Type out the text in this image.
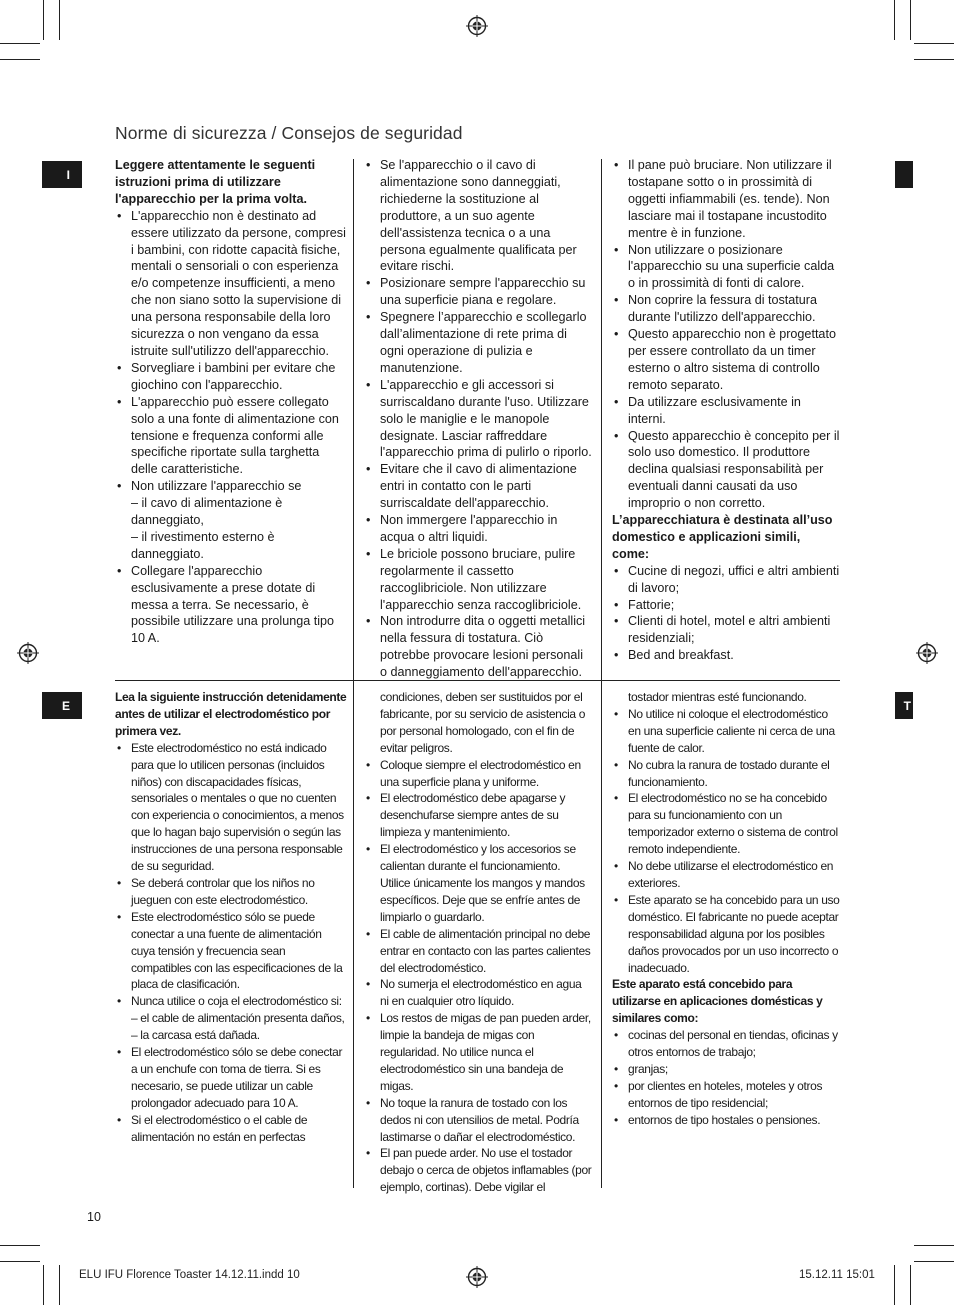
Norme di sicurezza / Consejos de seguridad
I
E	T

Leggere attentamente le seguenti istruzioni prima di utilizzare l'apparecchio per la prima volta.

• L'apparecchio non è destinato ad essere utilizzato da persone, compresi i bambini, con ridotte capacità fisiche, mentali o sensoriali o con esperienza e/o competenze insufficienti, a meno che non siano sotto la supervisione di una persona responsabile della loro sicurezza o non vengano da essa istruite sull'utilizzo dell'apparecchio.
• Sorvegliare i bambini per evitare che giochino con l'apparecchio.
• L'apparecchio può essere collegato solo a una fonte di alimentazione con tensione e frequenza conformi alle specifiche riportate sulla targhetta delle caratteristiche.
• Non utilizzare l'apparecchio se
– il cavo di alimentazione è danneggiato,
– il rivestimento esterno è danneggiato.
• Collegare l'apparecchio esclusivamente a prese dotate di messa a terra. Se necessario, è possibile utilizzare una prolunga tipo 10 A.
• Se l'apparecchio o il cavo di alimentazione sono danneggiati, richiederne la sostituzione al produttore, a un suo agente dell'assistenza tecnica o a una persona egualmente qualificata per evitare rischi.
• Posizionare sempre l'apparecchio su una superficie piana e regolare.
• Spegnere l’apparecchio e scollegarlo dall’alimentazione di rete prima di ogni operazione di pulizia e manutenzione.
• L'apparecchio e gli accessori si surriscaldano durante l'uso. Utilizzare solo le maniglie e le manopole designate. Lasciar raffreddare l'apparecchio prima di pulirlo o riporlo.
• Evitare che il cavo di alimentazione entri in contatto con le parti surriscaldate dell'apparecchio.
• Non immergere l'apparecchio in acqua o altri liquidi.
• Le briciole possono bruciare, pulire regolarmente il cassetto raccoglibriciole. Non utilizzare l'apparecchio senza raccoglibriciole.
• Non introdurre dita o oggetti metallici nella fessura di tostatura. Ciò potrebbe provocare lesioni personali o danneggiamento dell'apparecchio.
• Il pane può bruciare. Non utilizzare il tostapane sotto o in prossimità di oggetti infiammabili (es. tende). Non lasciare mai il tostapane incustodito mentre è in funzione.
• Non utilizzare o posizionare l'apparecchio su una superficie calda o in prossimità di fonti di calore.
• Non coprire la fessura di tostatura durante l'utilizzo dell'apparecchio.
• Questo apparecchio non è progettato per essere controllato da un timer esterno o altro sistema di controllo remoto separato.
• Da utilizzare esclusivamente in interni.
• Questo apparecchio è concepito per il solo uso domestico. Il produttore declina qualsiasi responsabilità per eventuali danni causati da uso improprio o non corretto.

L’apparecchiatura è destinata all’uso domestico e applicazioni simili, come:

• Cucine di negozi, uffici e altri ambienti di lavoro;
• Fattorie;
• Clienti di hotel, motel e altri ambienti residenziali;
• Bed and breakfast.

Lea la siguiente instrucción detenidamente antes de utilizar el electrodoméstico por primera vez.

• Este electrodoméstico no está indicado para que lo utilicen personas (incluidos niños) con discapacidades físicas, sensoriales o mentales o que no cuenten con experiencia o conocimientos, a menos que lo hagan bajo supervisión o según las instrucciones de una persona responsable de su seguridad.
• Se deberá controlar que los niños no jueguen con este electrodoméstico.
• Este electrodoméstico sólo se puede conectar a una fuente de alimentación cuya tensión y frecuencia sean compatibles con las especificaciones de la placa de clasificación.
• Nunca utilice o coja el electrodoméstico si:
– el cable de alimentación presenta daños,
– la carcasa está dañada.
• El electrodoméstico sólo se debe conectar a un enchufe con toma de tierra. Si es necesario, se puede utilizar un cable prolongador adecuado para 10 A.
• Si el electrodoméstico o el cable de alimentación no están en perfectas

condiciones, deben ser sustituidos por el fabricante, por su servicio de asistencia o por personal homologado, con el fin de evitar peligros.

• Coloque siempre el electrodoméstico en una superficie plana y uniforme.
• El electrodoméstico debe apagarse y desenchufarse siempre antes de su limpieza y mantenimiento.
• El electrodoméstico y los accesorios se calientan durante el funcionamiento. Utilice únicamente los mangos y mandos específicos. Deje que se enfríe antes de limpiarlo o guardarlo.
• El cable de alimentación principal no debe entrar en contacto con las partes calientes del electrodoméstico.
• No sumerja el electrodoméstico en agua ni en cualquier otro líquido.
• Los restos de migas de pan pueden arder, limpie la bandeja de migas con regularidad. No utilice nunca el electrodoméstico sin una bandeja de migas.
• No toque la ranura de tostado con los dedos ni con utensilios de metal. Podría lastimarse o dañar el electrodoméstico.
• El pan puede arder. No use el tostador debajo o cerca de objetos inflamables (por ejemplo, cortinas). Debe vigilar el

tostador mientras esté funcionando.

• No utilice ni coloque el electrodoméstico en una superficie caliente ni cerca de una fuente de calor.
• No cubra la ranura de tostado durante el funcionamiento.
• El electrodoméstico no se ha concebido para su funcionamiento con un temporizador externo o sistema de control remoto independiente.
• No debe utilizarse el electrodoméstico en exteriores.
• Este aparato se ha concebido para un uso doméstico. El fabricante no puede aceptar responsabilidad alguna por los posibles daños provocados por un uso incorrecto o inadecuado.

Este aparato está concebido para utilizarse en aplicaciones domésticas y similares como:

• cocinas del personal en tiendas, oficinas y otros entornos de trabajo;
• granjas;
• por clientes en hoteles, moteles y otros entornos de tipo residencial;
• entornos de tipo hostales o pensiones.
10
ELU IFU Florence Toaster 14.12.11.indd 10	15.12.11 15:01
